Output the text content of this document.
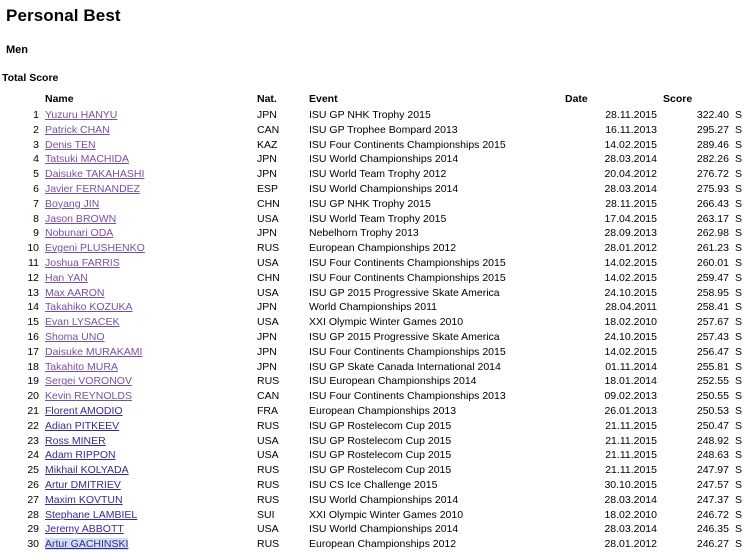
Personal Best
Men
Total Score
	Name	Nat.	Event	Date	Score	
1	Yuzuru HANYU	JPN	ISU GP NHK Trophy 2015	28.11.2015	322.40	S
2	Patrick CHAN	CAN	ISU GP Trophee Bompard 2013	16.11.2013	295.27	S
3	Denis TEN	KAZ	ISU Four Continents Championships 2015	14.02.2015	289.46	S
4	Tatsuki MACHIDA	JPN	ISU World Championships 2014	28.03.2014	282.26	S
5	Daisuke TAKAHASHI	JPN	ISU World Team Trophy 2012	20.04.2012	276.72	S
6	Javier FERNANDEZ	ESP	ISU World Championships 2014	28.03.2014	275.93	S
7	Boyang JIN	CHN	ISU GP NHK Trophy 2015	28.11.2015	266.43	S
8	Jason BROWN	USA	ISU World Team Trophy 2015	17.04.2015	263.17	S
9	Nobunari ODA	JPN	Nebelhorn Trophy 2013	28.09.2013	262.98	S
10	Evgeni PLUSHENKO	RUS	European Championships 2012	28.01.2012	261.23	S
11	Joshua FARRIS	USA	ISU Four Continents Championships 2015	14.02.2015	260.01	S
12	Han YAN	CHN	ISU Four Continents Championships 2015	14.02.2015	259.47	S
13	Max AARON	USA	ISU GP 2015 Progressive Skate America	24.10.2015	258.95	S
14	Takahiko KOZUKA	JPN	World Championships 2011	28.04.2011	258.41	S
15	Evan LYSACEK	USA	XXI Olympic Winter Games 2010	18.02.2010	257.67	S
16	Shoma UNO	JPN	ISU GP 2015 Progressive Skate America	24.10.2015	257.43	S
17	Daisuke MURAKAMI	JPN	ISU Four Continents Championships 2015	14.02.2015	256.47	S
18	Takahito MURA	JPN	ISU GP Skate Canada International 2014	01.11.2014	255.81	S
19	Sergei VORONOV	RUS	ISU European Championships 2014	18.01.2014	252.55	S
20	Kevin REYNOLDS	CAN	ISU Four Continents Championships 2013	09.02.2013	250.55	S
21	Florent AMODIO	FRA	European Championships 2013	26.01.2013	250.53	S
22	Adian PITKEEV	RUS	ISU GP Rostelecom Cup 2015	21.11.2015	250.47	S
23	Ross MINER	USA	ISU GP Rostelecom Cup 2015	21.11.2015	248.92	S
24	Adam RIPPON	USA	ISU GP Rostelecom Cup 2015	21.11.2015	248.63	S
25	Mikhail KOLYADA	RUS	ISU GP Rostelecom Cup 2015	21.11.2015	247.97	S
26	Artur DMITRIEV	RUS	ISU CS Ice Challenge 2015	30.10.2015	247.57	S
27	Maxim KOVTUN	RUS	ISU World Championships 2014	28.03.2014	247.37	S
28	Stephane LAMBIEL	SUI	XXI Olympic Winter Games 2010	18.02.2010	246.72	S
29	Jeremy ABBOTT	USA	ISU World Championships 2014	28.03.2014	246.35	S
30	Artur GACHINSKI	RUS	European Championships 2012	28.01.2012	246.27	S
